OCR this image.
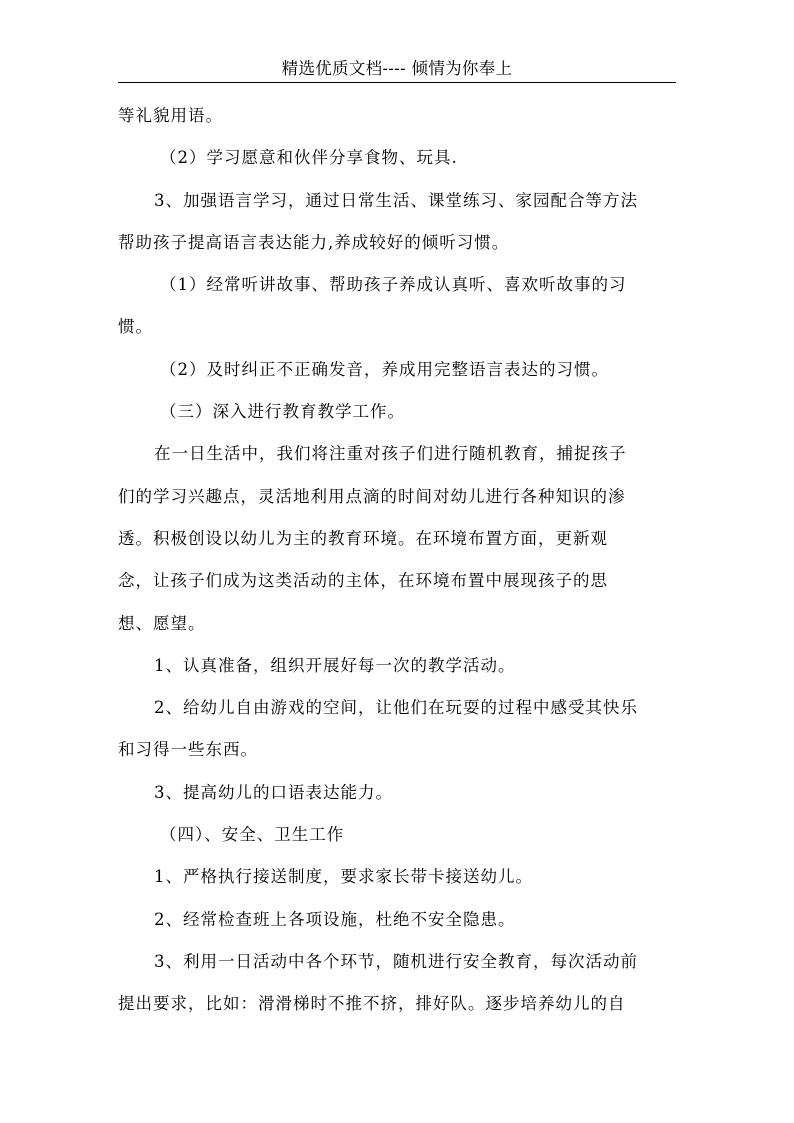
精选优质文档---- 倾情为你奉上

等礼貌用语。

（2）学习愿意和伙伴分享食物、玩具.

3、加强语言学习，通过日常生活、课堂练习、家园配合等方法
帮助孩子提高语言表达能力,养成较好的倾听习惯。

（1）经常听讲故事、帮助孩子养成认真听、喜欢听故事的习
惯。

（2）及时纠正不正确发音，养成用完整语言表达的习惯。

（三）深入进行教育教学工作。

在一日生活中，我们将注重对孩子们进行随机教育，捕捉孩子
们的学习兴趣点，灵活地利用点滴的时间对幼儿进行各种知识的渗
透。积极创设以幼儿为主的教育环境。在环境布置方面，更新观
念，让孩子们成为这类活动的主体，在环境布置中展现孩子的思
想、愿望。

1、认真准备，组织开展好每一次的教学活动。

2、给幼儿自由游戏的空间，让他们在玩耍的过程中感受其快乐
和习得一些东西。

3、提高幼儿的口语表达能力。

（四）、安全、卫生工作

1、严格执行接送制度，要求家长带卡接送幼儿。

2、经常检查班上各项设施，杜绝不安全隐患。

3、利用一日活动中各个环节，随机进行安全教育，每次活动前
提出要求，比如：滑滑梯时不推不挤，排好队。逐步培养幼儿的自
